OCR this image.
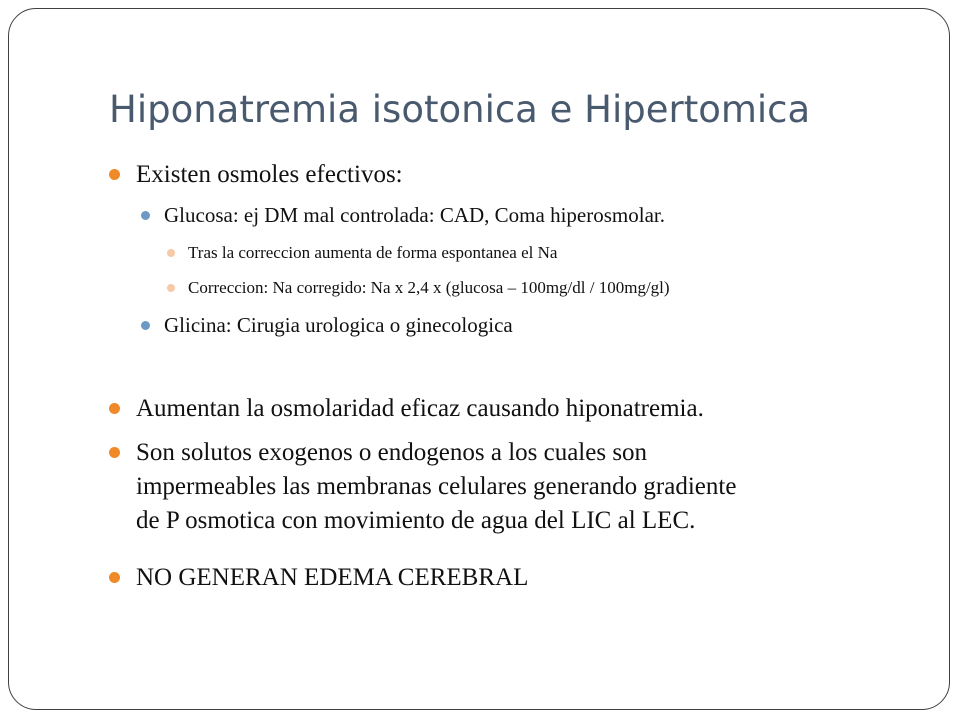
Hiponatremia isotonica e Hipertomica
Existen osmoles efectivos:
Glucosa: ej DM mal controlada: CAD, Coma hiperosmolar.
Tras la correccion aumenta de forma espontanea el Na
Correccion: Na corregido: Na x 2,4 x (glucosa – 100mg/dl / 100mg/gl)
Glicina: Cirugia urologica o ginecologica
Aumentan la osmolaridad eficaz causando hiponatremia.
Son solutos exogenos o endogenos a los cuales son
impermeables las membranas celulares generando gradiente
de P osmotica con movimiento de agua del LIC al LEC.
NO GENERAN EDEMA CEREBRAL
